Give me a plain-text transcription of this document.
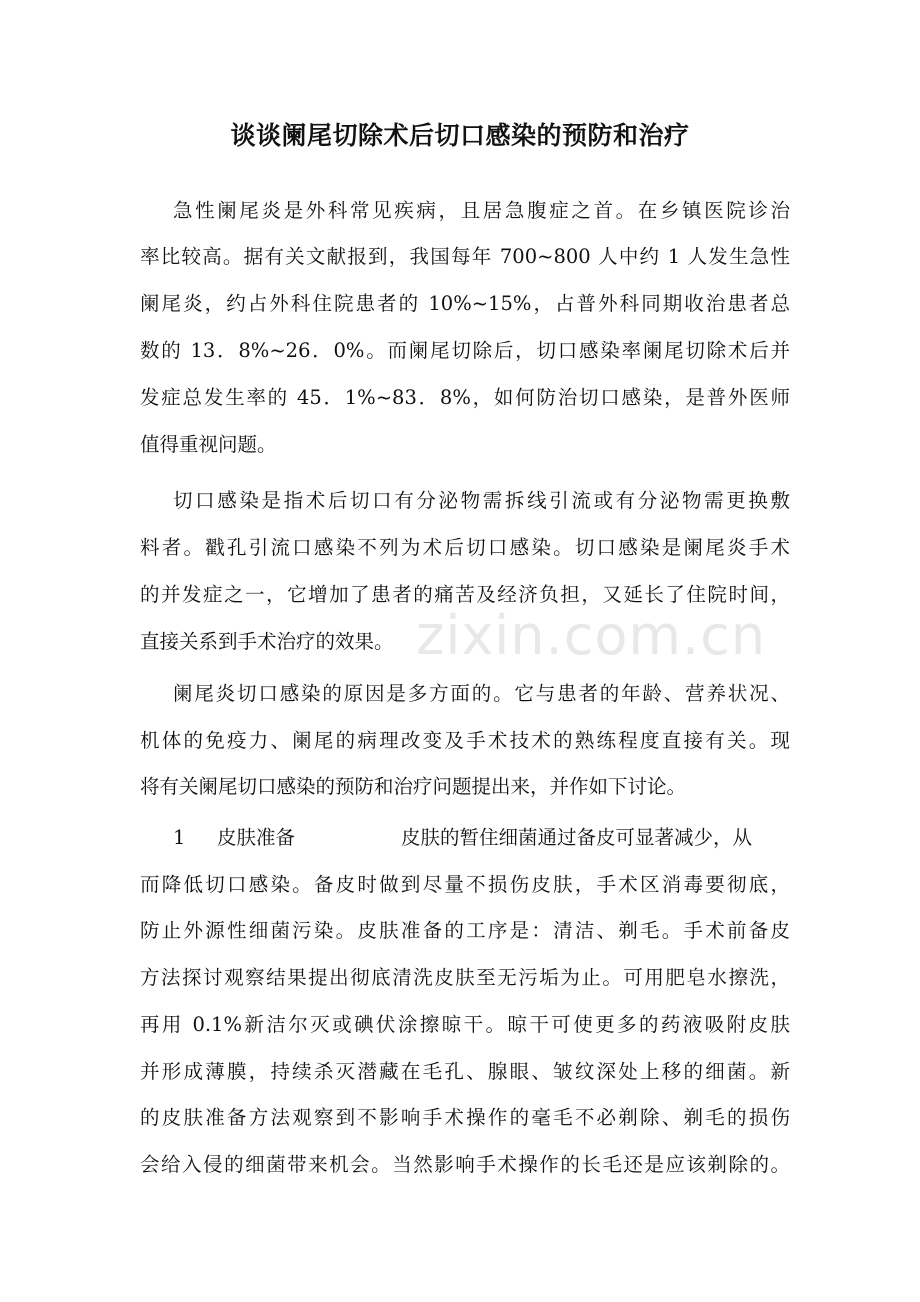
zixin.com.cn
谈谈阑尾切除术后切口感染的预防和治疗
急性阑尾炎是外科常见疾病，且居急腹症之首。在乡镇医院诊治
率比较高。据有关文献报到，我国每年 700~800 人中约 1 人发生急性
阑尾炎，约占外科住院患者的 10%~15%，占普外科同期收治患者总
数的 13．8%~26．0%。而阑尾切除后，切口感染率阑尾切除术后并
发症总发生率的 45．1%~83．8%，如何防治切口感染，是普外医师
值得重视问题。
切口感染是指术后切口有分泌物需拆线引流或有分泌物需更换敷
料者。戳孔引流口感染不列为术后切口感染。切口感染是阑尾炎手术
的并发症之一，它增加了患者的痛苦及经济负担，又延长了住院时间，
直接关系到手术治疗的效果。
阑尾炎切口感染的原因是多方面的。它与患者的年龄、营养状况、
机体的免疫力、阑尾的病理改变及手术技术的熟练程度直接有关。现
将有关阑尾切口感染的预防和治疗问题提出来，并作如下讨论。
1 皮肤准备	皮肤的暂住细菌通过备皮可显著减少，从
而降低切口感染。备皮时做到尽量不损伤皮肤，手术区消毒要彻底，
防止外源性细菌污染。皮肤准备的工序是：清洁、剃毛。手术前备皮
方法探讨观察结果提出彻底清洗皮肤至无污垢为止。可用肥皂水擦洗，
再用 0.1%新洁尔灭或碘伏涂擦晾干。晾干可使更多的药液吸附皮肤
并形成薄膜，持续杀灭潜藏在毛孔、腺眼、皱纹深处上移的细菌。新
的皮肤准备方法观察到不影响手术操作的毫毛不必剃除、剃毛的损伤
会给入侵的细菌带来机会。当然影响手术操作的长毛还是应该剃除的。
